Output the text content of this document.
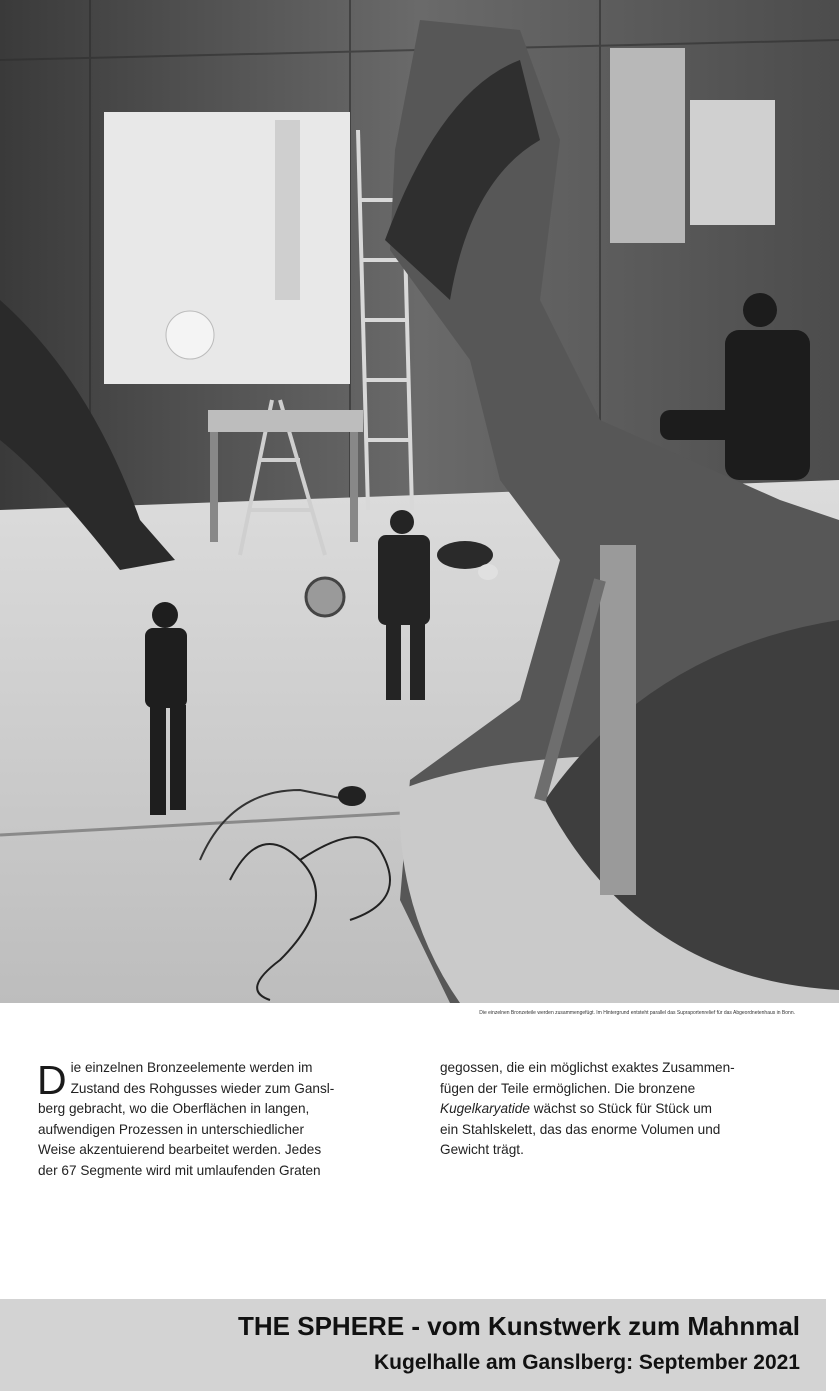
Die einzelnen Bronzeteile werden zusammengefügt. Im Hintergrund entsteht parallel das Supraportenrelief für das Abgeordnetenhaus in Bonn.
D ie einzelnen Bronzeelemente werden im
Zustand des Rohgusses wieder zum Gansl-
berg gebracht, wo die Oberflächen in langen,
aufwendigen Prozessen in unterschiedlicher
Weise akzentuierend bearbeitet werden. Jedes
der 67 Segmente wird mit umlaufenden Graten
gegossen, die ein möglichst exaktes Zusammen-
fügen der Teile ermöglichen. Die bronzene
Kugelkaryatide wächst so Stück für Stück um
ein Stahlskelett, das das enorme Volumen und
Gewicht trägt.
THE SPHERE - vom Kunstwerk zum Mahnmal
Kugelhalle am Ganslberg: September 2021
